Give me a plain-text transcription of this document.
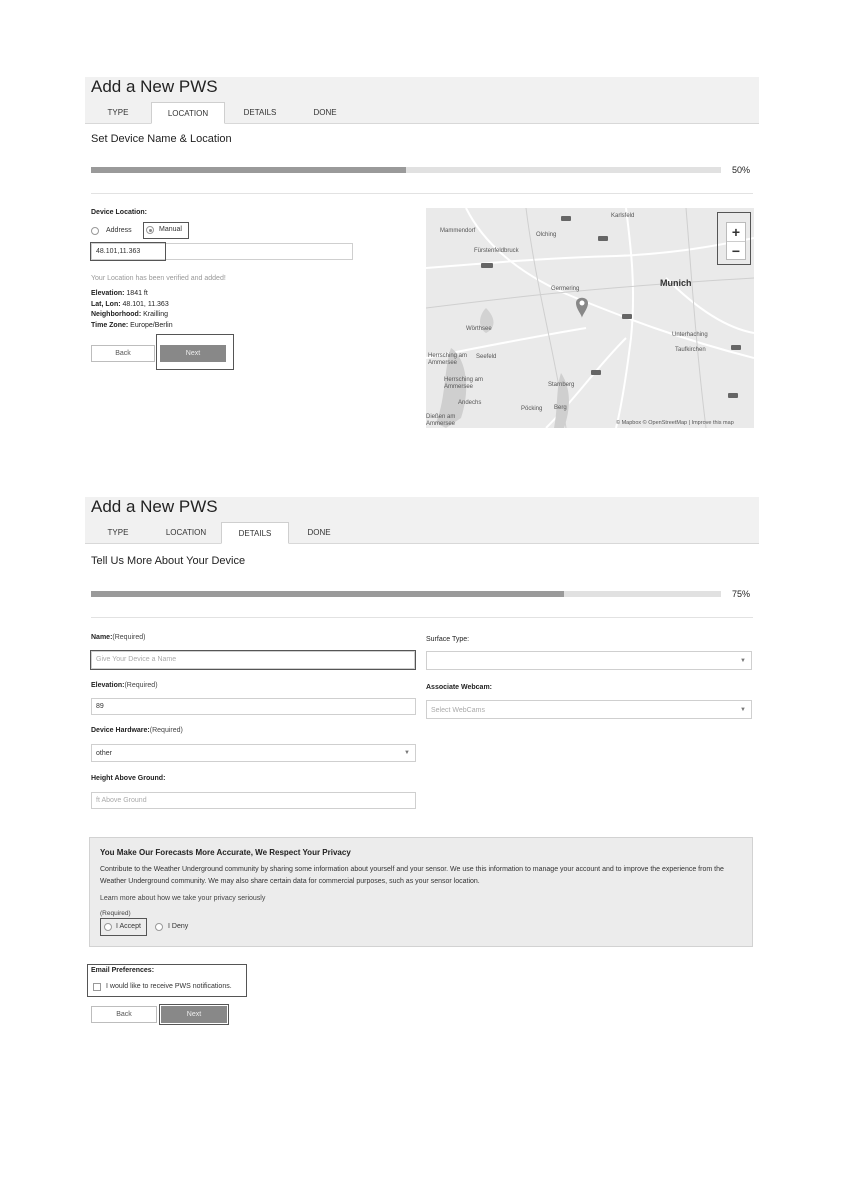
Add a New PWS
TYPE	LOCATION	DETAILS	DONE
Set Device Name & Location
50%
Device Location:
Address	Manual
48.101,11.363
Your Location has been verified and added!
Elevation: 1841 ft
Lat, Lon: 48.101, 11.363
Neighborhood: Krailling
Time Zone: Europe/Berlin
Back	Next
Mammendorf
Olching
Fürstenfeldbruck
Germering
Munich
Wörthsee
Herrsching am Ammersee
Seefeld
Herrsching am Ammersee	Starnberg
Unterhaching
Taufkirchen
Andechs
Pöcking Berg
Dießen am Ammersee
Karlsfeld
© Mapbox © OpenStreetMap | Improve this map
+
−
Add a New PWS
TYPE	LOCATION	DETAILS	DONE
Tell Us More About Your Device
75%
Name:(Required)
Give Your Device a Name
Elevation:(Required)
89
Device Hardware:(Required)
other	▼
Height Above Ground:
ft Above Ground
Surface Type:
▼
Associate Webcam:
Select WebCams	▼
You Make Our Forecasts More Accurate, We Respect Your Privacy
Contribute to the Weather Underground community by sharing some information about yourself and your sensor. We use this information to manage your account and to improve the experience from the Weather Underground community. We may also share certain data for commercial purposes, such as your sensor location.
Learn more about how we take your privacy seriously
(Required)
I Accept	I Deny
Email Preferences:
I would like to receive PWS notifications.
Back	Next
